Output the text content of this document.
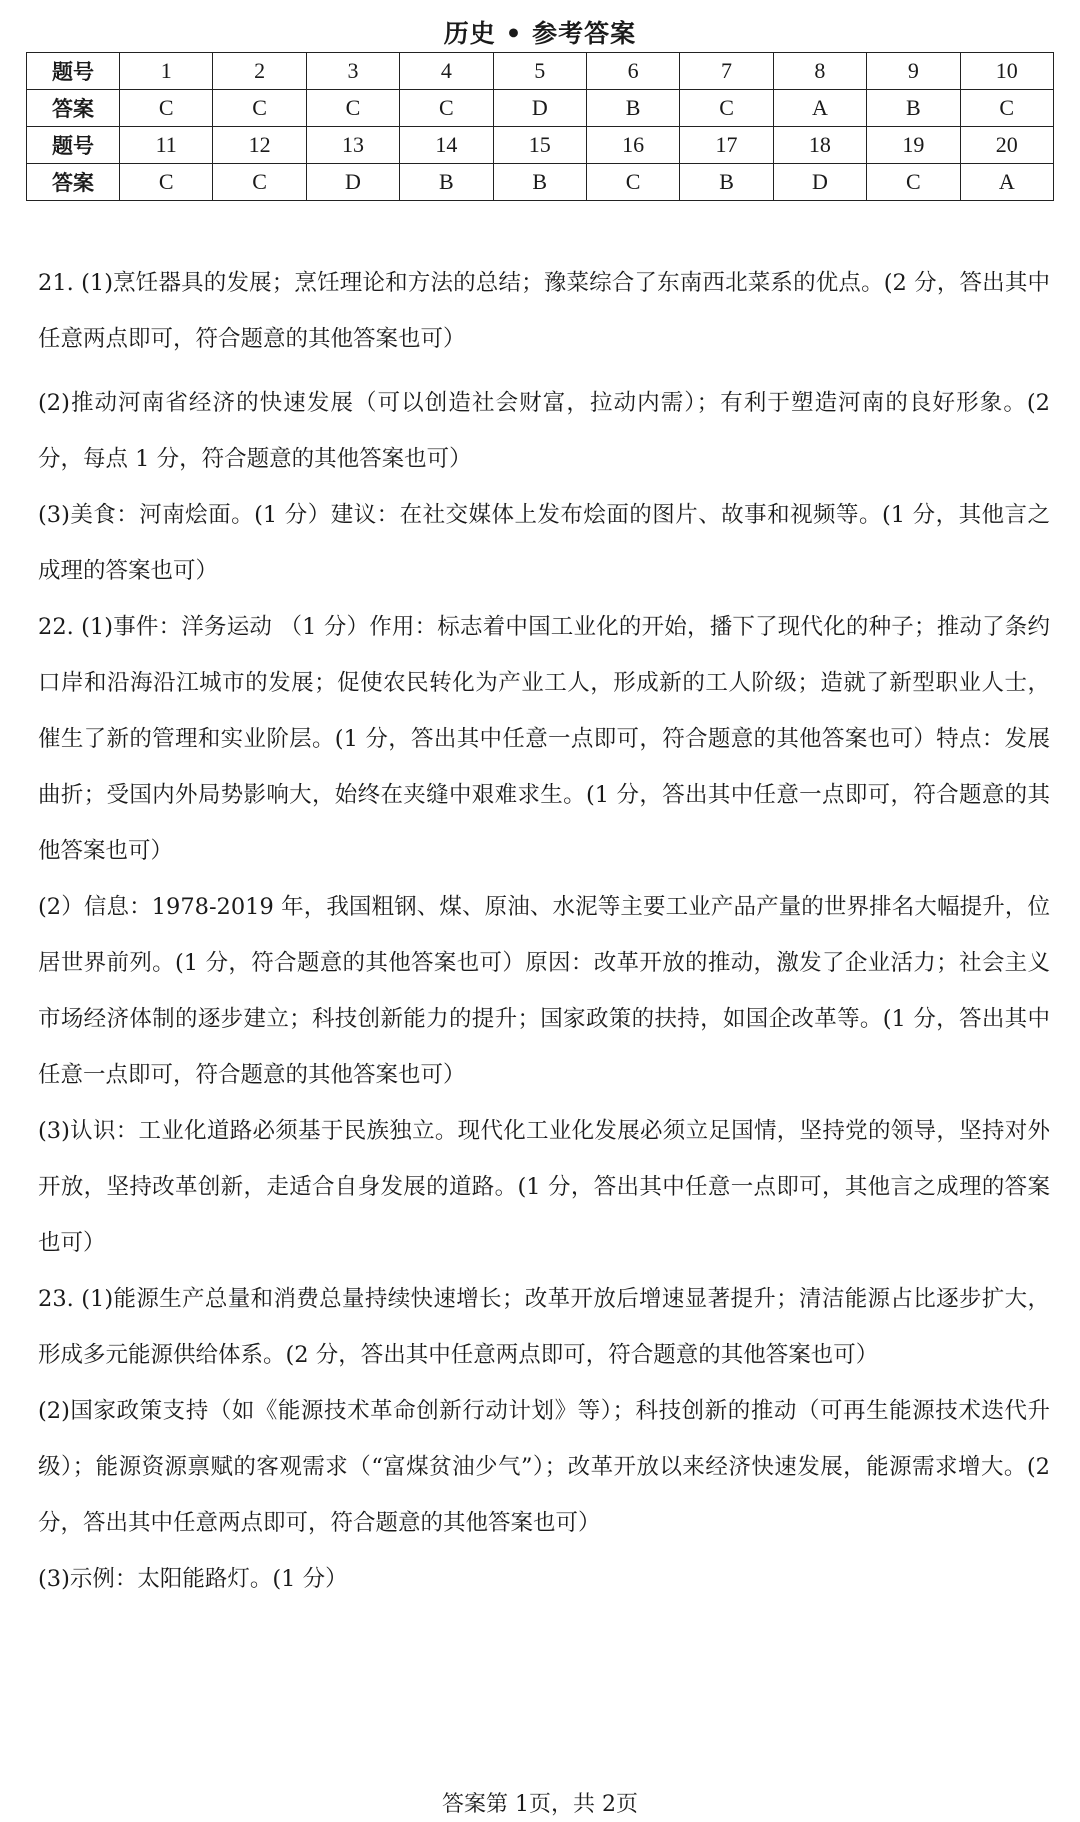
历史 • 参考答案
题号	1	2	3	4	5	6	7	8	9	10
答案	C	C	C	C	D	B	C	A	B	C
题号	11	12	13	14	15	16	17	18	19	20
答案	C	C	D	B	B	C	B	D	C	A

21. (1)烹饪器具的发展；烹饪理论和方法的总结；豫菜综合了东南西北菜系的优点。(2 分，答出其中任意两点即可，符合题意的其他答案也可）

(2)推动河南省经济的快速发展（可以创造社会财富，拉动内需）；有利于塑造河南的良好形象。(2 分，每点 1 分，符合题意的其他答案也可）

(3)美食：河南烩面。(1 分）建议：在社交媒体上发布烩面的图片、故事和视频等。(1 分，其他言之成理的答案也可）

22. (1)事件：洋务运动 （1 分）作用：标志着中国工业化的开始，播下了现代化的种子；推动了条约口岸和沿海沿江城市的发展；促使农民转化为产业工人，形成新的工人阶级；造就了新型职业人士，催生了新的管理和实业阶层。(1 分，答出其中任意一点即可，符合题意的其他答案也可）特点：发展曲折；受国内外局势影响大，始终在夹缝中艰难求生。(1 分，答出其中任意一点即可，符合题意的其他答案也可）

(2）信息：1978-2019 年，我国粗钢、煤、原油、水泥等主要工业产品产量的世界排名大幅提升，位居世界前列。(1 分，符合题意的其他答案也可）原因：改革开放的推动，激发了企业活力；社会主义市场经济体制的逐步建立；科技创新能力的提升；国家政策的扶持，如国企改革等。(1 分，答出其中任意一点即可，符合题意的其他答案也可）

(3)认识：工业化道路必须基于民族独立。现代化工业化发展必须立足国情，坚持党的领导，坚持对外开放，坚持改革创新，走适合自身发展的道路。(1 分，答出其中任意一点即可，其他言之成理的答案也可）

23. (1)能源生产总量和消费总量持续快速增长；改革开放后增速显著提升；清洁能源占比逐步扩大，形成多元能源供给体系。(2 分，答出其中任意两点即可，符合题意的其他答案也可）

(2)国家政策支持（如《能源技术革命创新行动计划》等）；科技创新的推动（可再生能源技术迭代升级）；能源资源禀赋的客观需求（“富煤贫油少气”）；改革开放以来经济快速发展，能源需求增大。(2 分，答出其中任意两点即可，符合题意的其他答案也可）

(3)示例：太阳能路灯。(1 分）

答案第 1页，共 2页
